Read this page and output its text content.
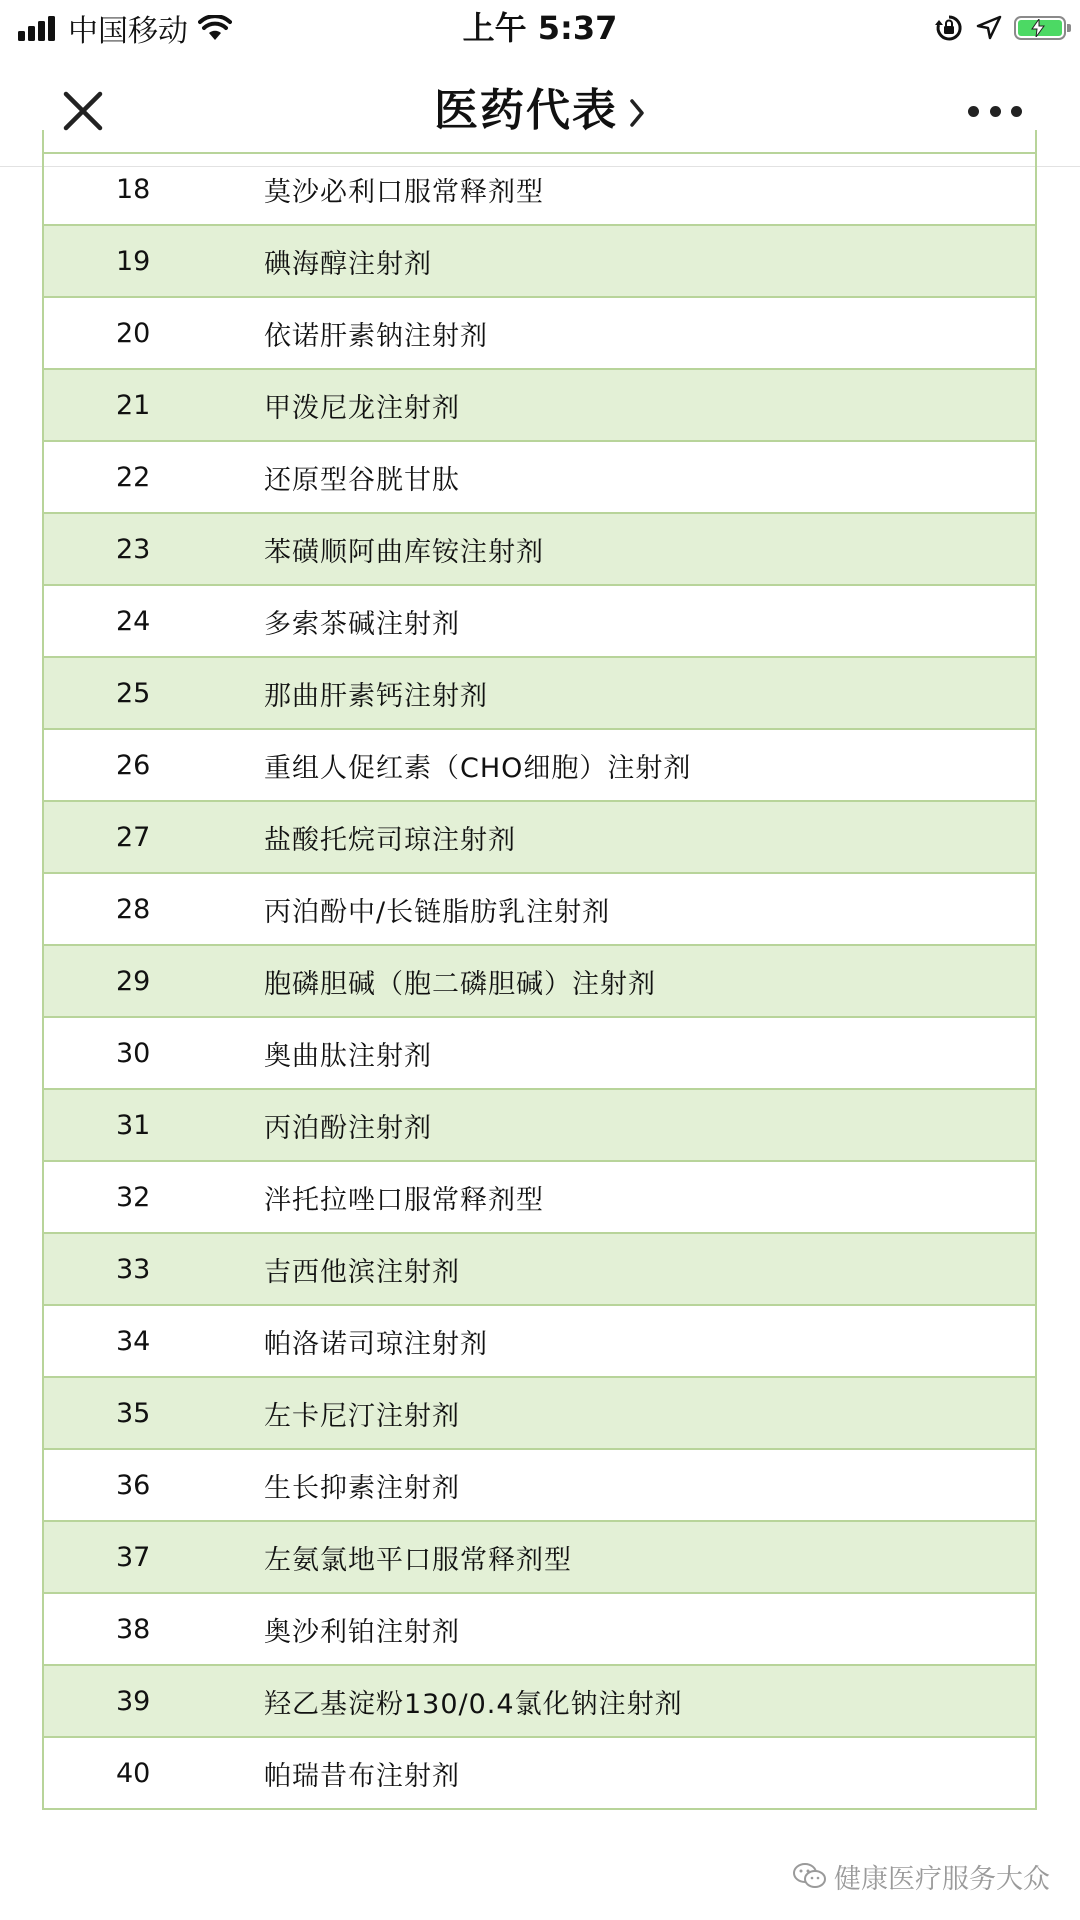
中国移动	上午 5:37
医药代表
18	莫沙必利口服常释剂型
19	碘海醇注射剂
20	依诺肝素钠注射剂
21	甲泼尼龙注射剂
22	还原型谷胱甘肽
23	苯磺顺阿曲库铵注射剂
24	多索茶碱注射剂
25	那曲肝素钙注射剂
26	重组人促红素（CHO细胞）注射剂
27	盐酸托烷司琼注射剂
28	丙泊酚中/长链脂肪乳注射剂
29	胞磷胆碱（胞二磷胆碱）注射剂
30	奥曲肽注射剂
31	丙泊酚注射剂
32	泮托拉唑口服常释剂型
33	吉西他滨注射剂
34	帕洛诺司琼注射剂
35	左卡尼汀注射剂
36	生长抑素注射剂
37	左氨氯地平口服常释剂型
38	奥沙利铂注射剂
39	羟乙基淀粉130/0.4氯化钠注射剂
40	帕瑞昔布注射剂
健康医疗服务大众
